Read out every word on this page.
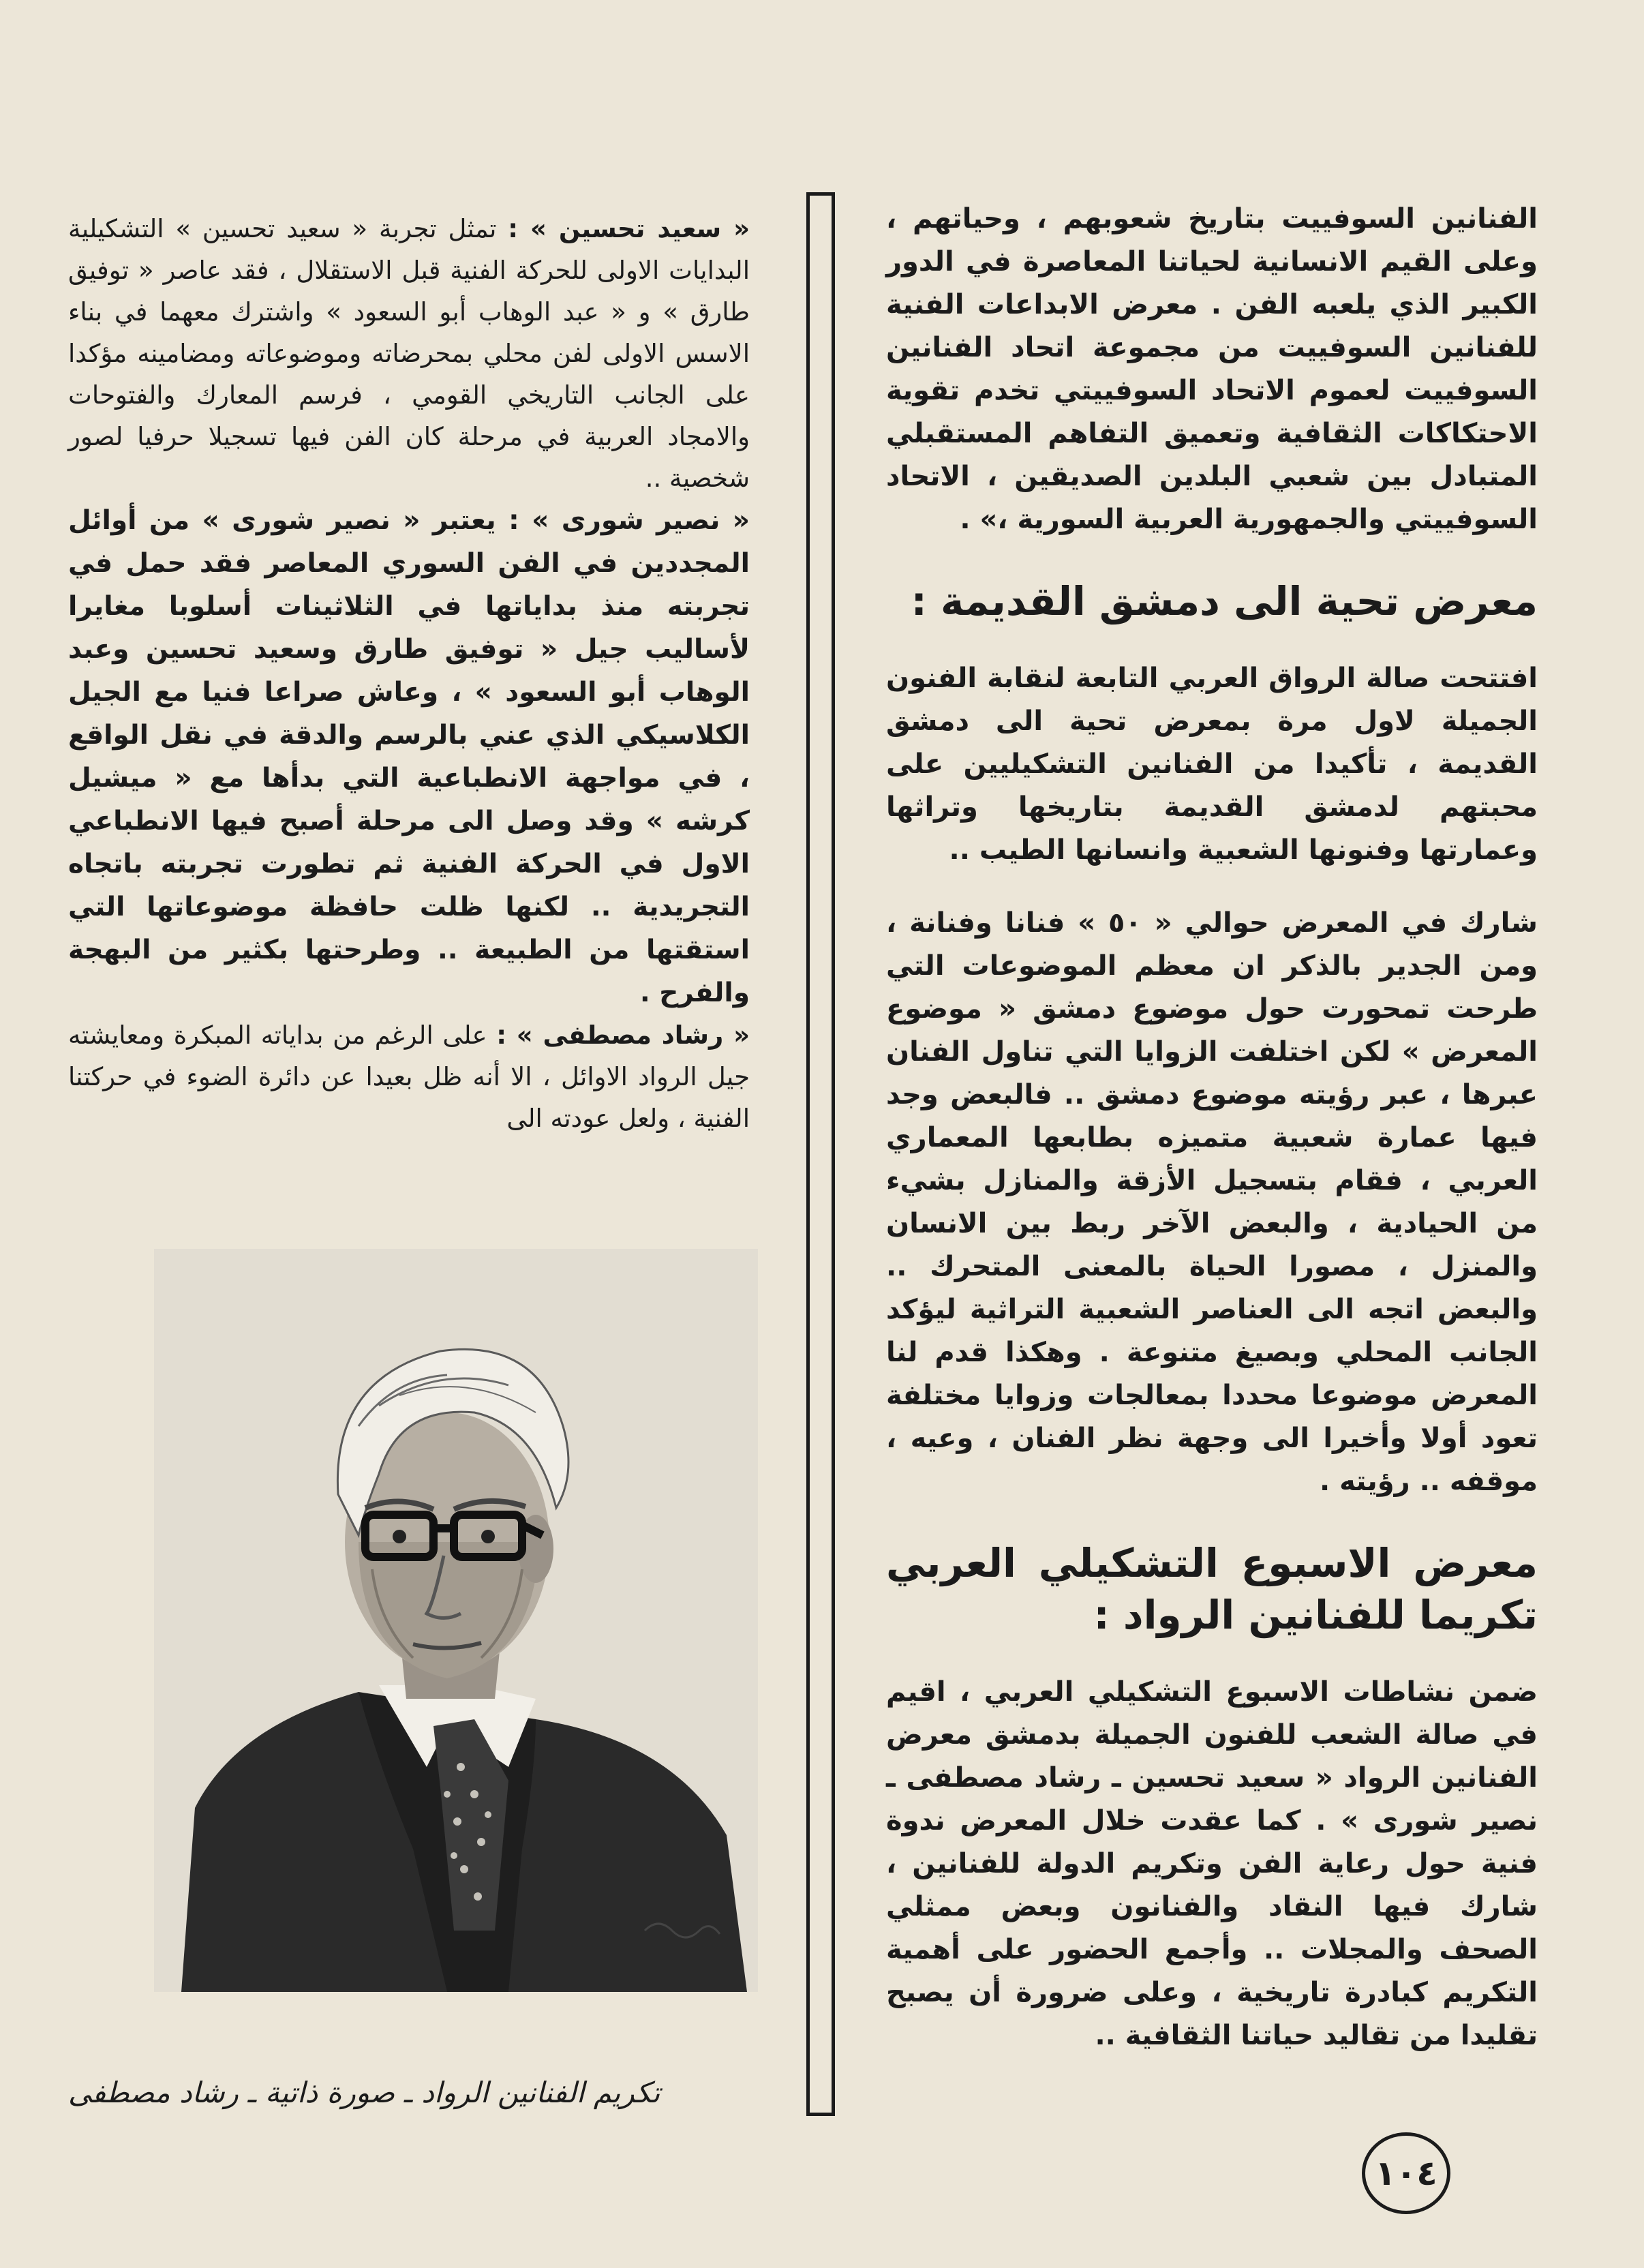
الفنانين السوفييت بتاريخ شعوبهم ، وحياتهم ، وعلى القيم الانسانية لحياتنا المعاصرة في الدور الكبير الذي يلعبه الفن . معرض الابداعات الفنية للفنانين السوفييت من مجموعة اتحاد الفنانين السوفييت لعموم الاتحاد السوفييتي تخدم تقوية الاحتكاكات الثقافية وتعميق التفاهم المستقبلي المتبادل بين شعبي البلدين الصديقين ، الاتحاد السوفييتي والجمهورية العربية السورية ،» .

معرض تحية الى دمشق القديمة :

افتتحت صالة الرواق العربي التابعة لنقابة الفنون الجميلة لاول مرة بمعرض تحية الى دمشق القديمة ، تأكيدا من الفنانين التشكيليين على محبتهم لدمشق القديمة بتاريخها وتراثها وعمارتها وفنونها الشعبية وانسانها الطيب ..

شارك في المعرض حوالي « ٥٠ » فنانا وفنانة ، ومن الجدير بالذكر ان معظم الموضوعات التي طرحت تمحورت حول موضوع دمشق « موضوع المعرض » لكن اختلفت الزوايا التي تناول الفنان عبرها ، عبر رؤيته موضوع دمشق .. فالبعض وجد فيها عمارة شعبية متميزه بطابعها المعماري العربي ، فقام بتسجيل الأزقة والمنازل بشيء من الحيادية ، والبعض الآخر ربط بين الانسان والمنزل ، مصورا الحياة بالمعنى المتحرك .. والبعض اتجه الى العناصر الشعبية التراثية ليؤكد الجانب المحلي وبصيغ متنوعة . وهكذا قدم لنا المعرض موضوعا محددا بمعالجات وزوايا مختلفة تعود أولا وأخيرا الى وجهة نظر الفنان ، وعيه ، موقفه .. رؤيته .

معرض الاسبوع التشكيلي العربي تكريما للفنانين الرواد :

ضمن نشاطات الاسبوع التشكيلي العربي ، اقيم في صالة الشعب للفنون الجميلة بدمشق معرض الفنانين الرواد « سعيد تحسين ـ رشاد مصطفى ـ نصير شورى » . كما عقدت خلال المعرض ندوة فنية حول رعاية الفن وتكريم الدولة للفنانين ، شارك فيها النقاد والفنانون وبعض ممثلي الصحف والمجلات .. وأجمع الحضور على أهمية التكريم كبادرة تاريخية ، وعلى ضرورة أن يصبح تقليدا من تقاليد حياتنا الثقافية ..

« سعيد تحسين » : تمثل تجربة « سعيد تحسين » التشكيلية البدايات الاولى للحركة الفنية قبل الاستقلال ، فقد عاصر « توفيق طارق » و « عبد الوهاب أبو السعود » واشترك معهما في بناء الاسس الاولى لفن محلي بمحرضاته وموضوعاته ومضامينه مؤكدا على الجانب التاريخي القومي ، فرسم المعارك والفتوحات والامجاد العربية في مرحلة كان الفن فيها تسجيلا حرفيا لصور شخصية ..

« نصير شورى » : يعتبر « نصير شورى » من أوائل المجددين في الفن السوري المعاصر فقد حمل في تجربته منذ بداياتها في الثلاثينات أسلوبا مغايرا لأساليب جيل « توفيق طارق وسعيد تحسين وعبد الوهاب أبو السعود » ، وعاش صراعا فنيا مع الجيل الكلاسيكي الذي عني بالرسم والدقة في نقل الواقع ، في مواجهة الانطباعية التي بدأها مع « ميشيل كرشه » وقد وصل الى مرحلة أصبح فيها الانطباعي الاول في الحركة الفنية ثم تطورت تجربته باتجاه التجريدية .. لكنها ظلت حافظة موضوعاتها التي استقتها من الطبيعة .. وطرحتها بكثير من البهجة والفرح .

« رشاد مصطفى » : على الرغم من بداياته المبكرة ومعايشته جيل الرواد الاوائل ، الا أنه ظل بعيدا عن دائرة الضوء في حركتنا الفنية ، ولعل عودته الى

تكريم الفنانين الرواد ـ صورة ذاتية ـ رشاد مصطفى
١٠٤
